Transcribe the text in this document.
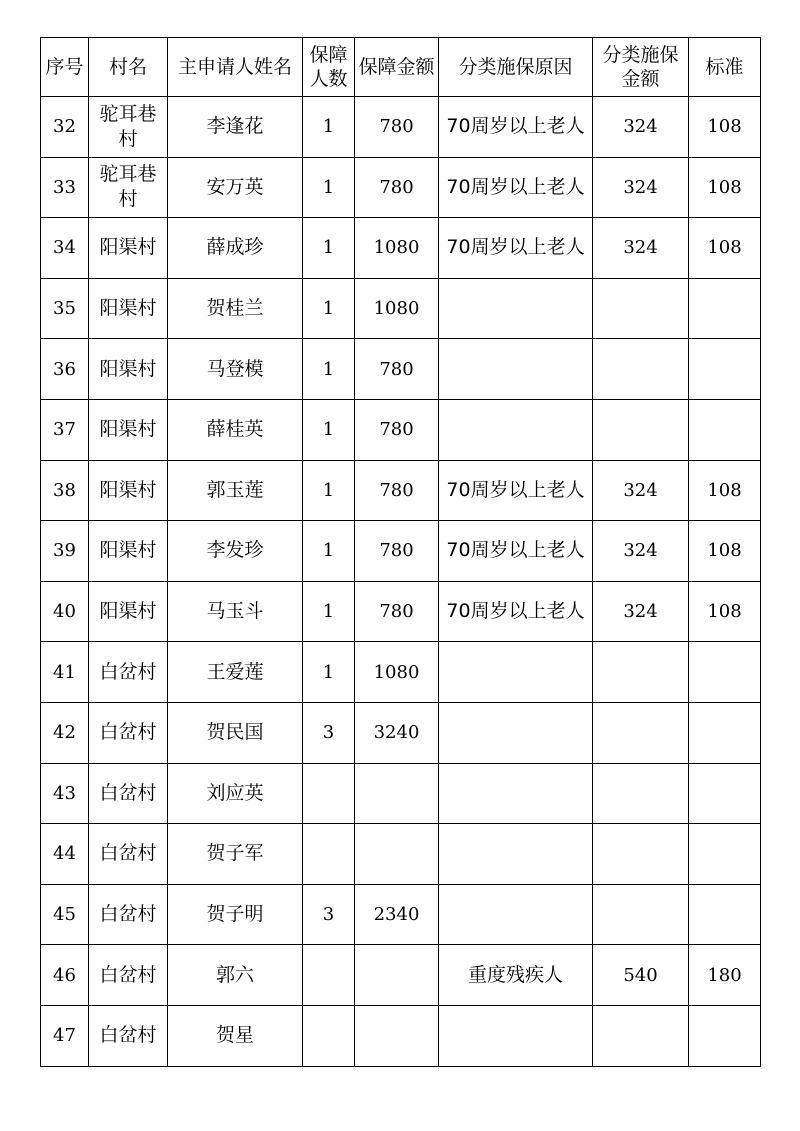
序号	村名	主申请人姓名	保障人数	保障金额	分类施保原因	分类施保金额	标准
32	驼耳巷村	李逢花	1	780	70周岁以上老人	324	108
33	驼耳巷村	安万英	1	780	70周岁以上老人	324	108
34	阳渠村	薛成珍	1	1080	70周岁以上老人	324	108
35	阳渠村	贺桂兰	1	1080			
36	阳渠村	马登模	1	780			
37	阳渠村	薛桂英	1	780			
38	阳渠村	郭玉莲	1	780	70周岁以上老人	324	108
39	阳渠村	李发珍	1	780	70周岁以上老人	324	108
40	阳渠村	马玉斗	1	780	70周岁以上老人	324	108
41	白岔村	王爱莲	1	1080			
42	白岔村	贺民国	3	3240			
43	白岔村	刘应英					
44	白岔村	贺子军					
45	白岔村	贺子明	3	2340			
46	白岔村	郭六			重度残疾人	540	180
47	白岔村	贺星					
